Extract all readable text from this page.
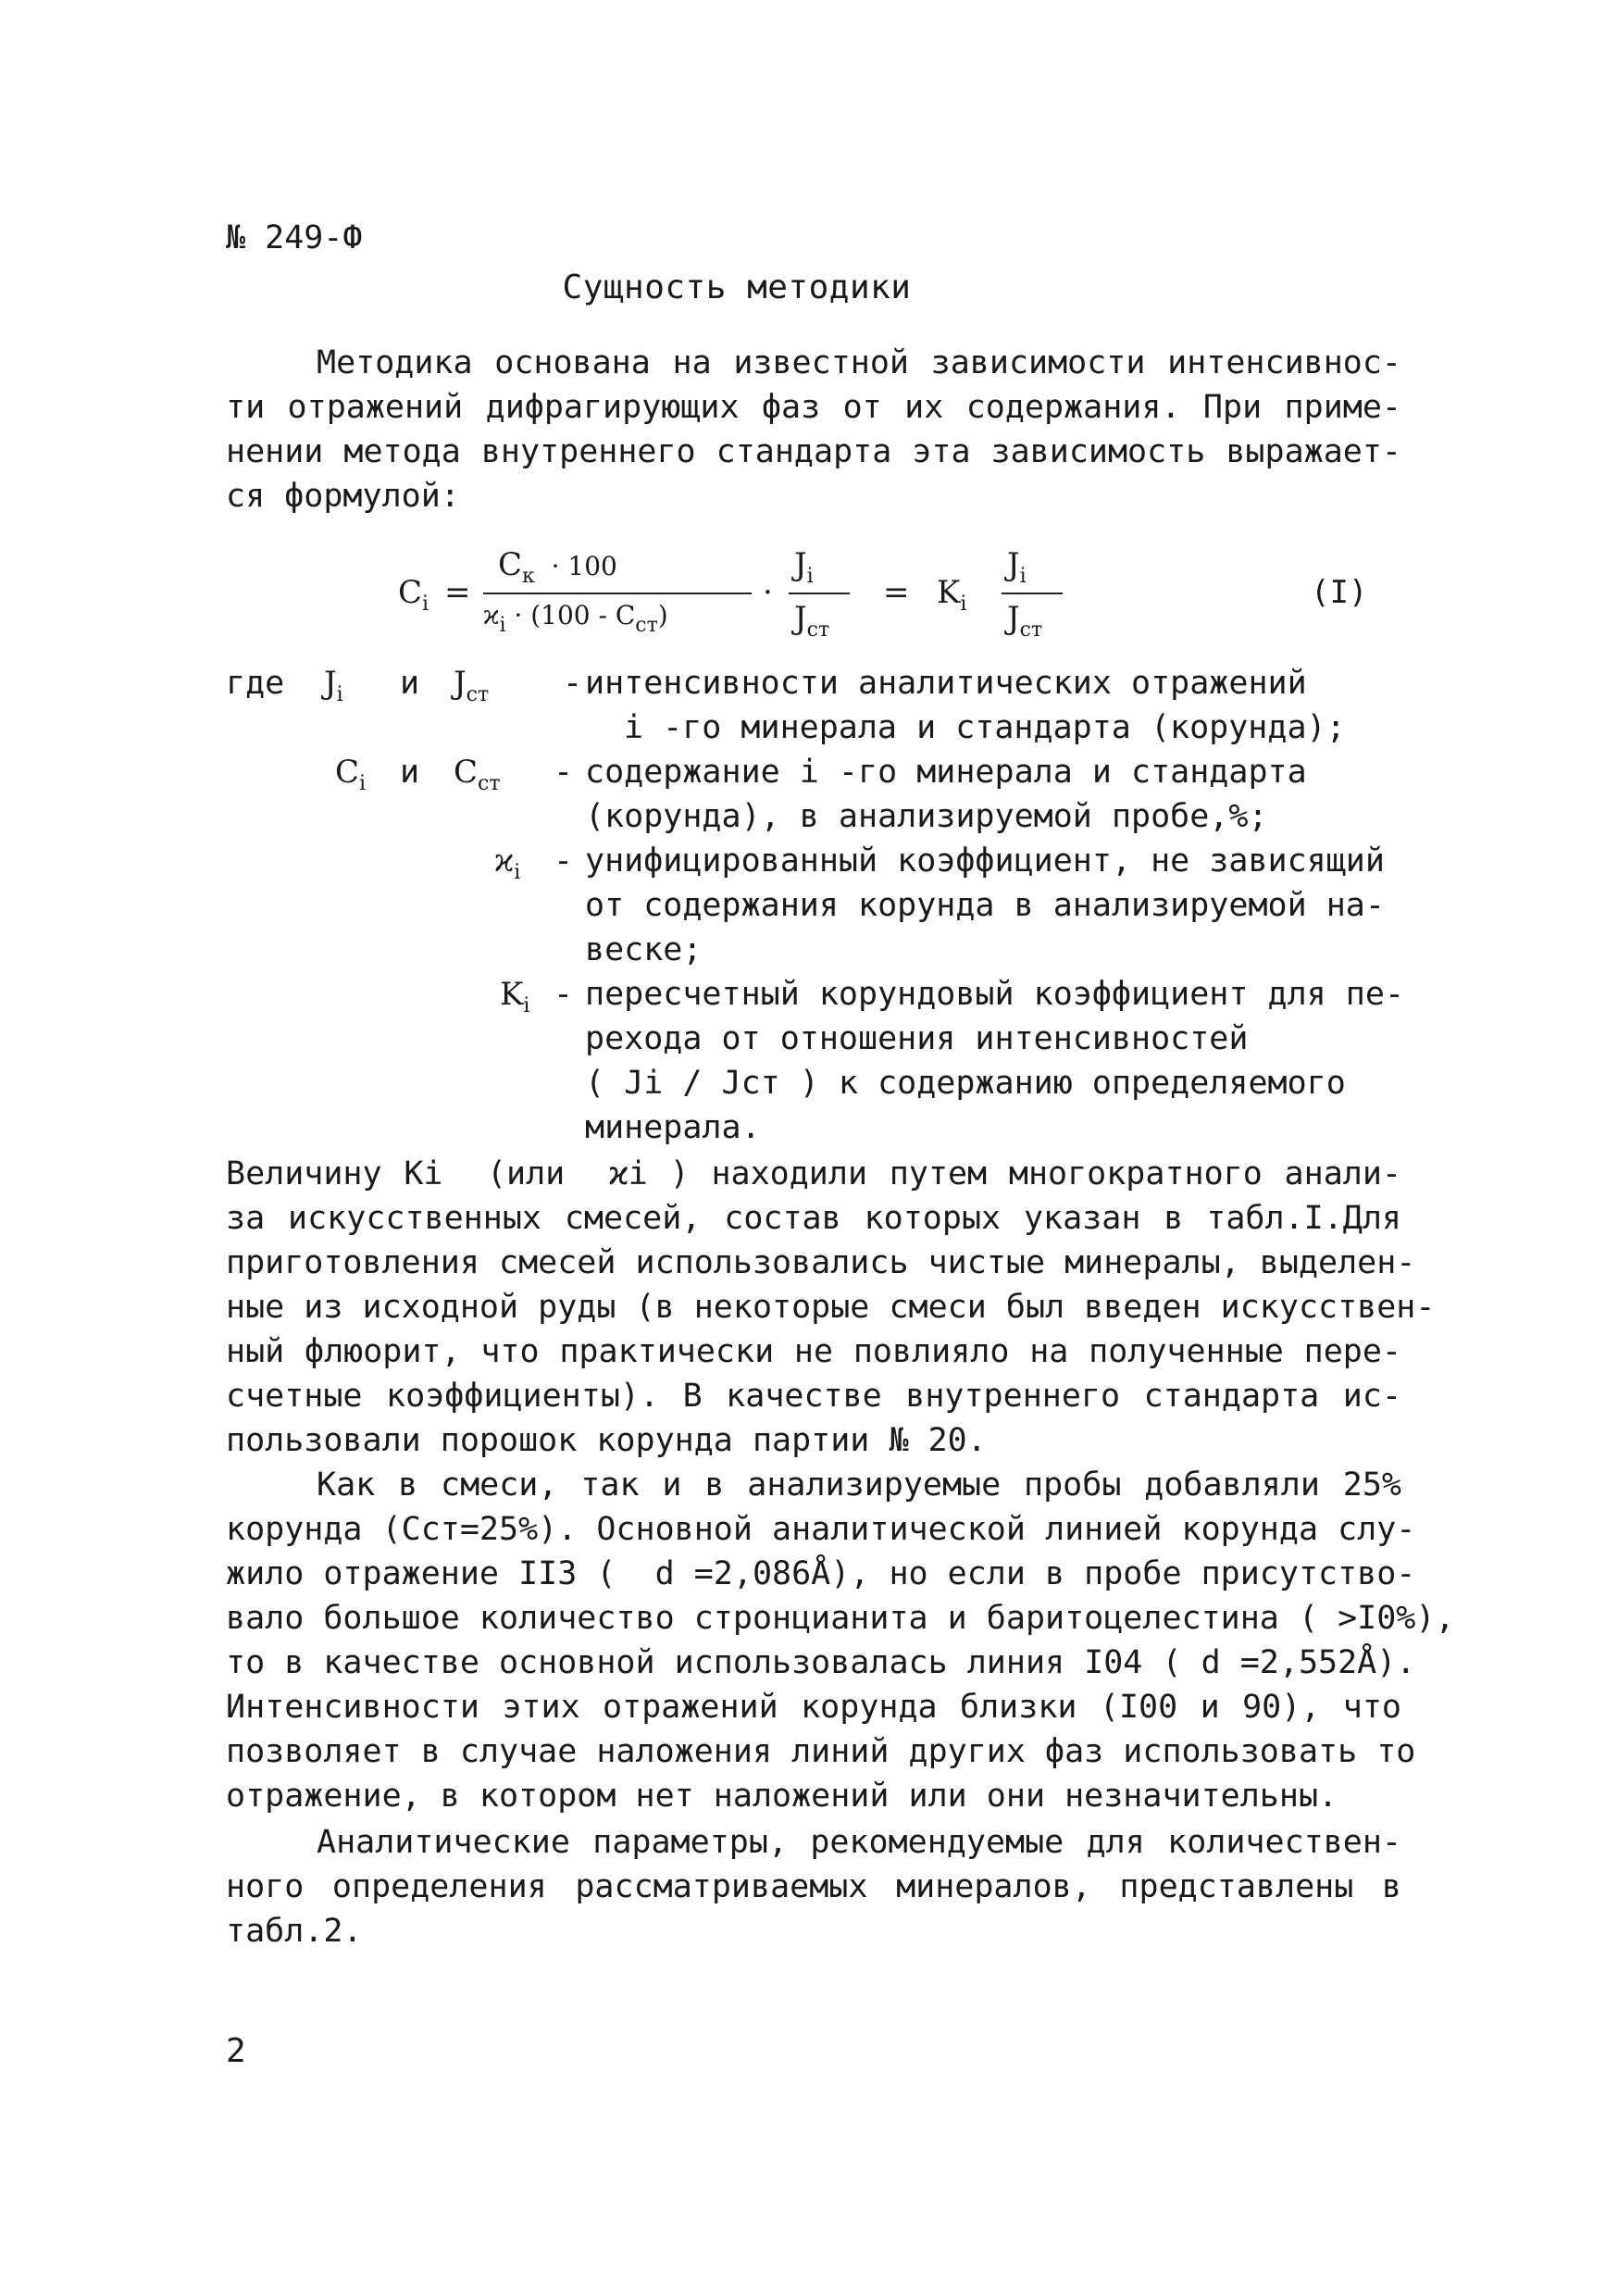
№ 249-Ф
Сущность методики
Методика основана на известной зависимости интенсивнос-
ти отражений дифрагирующих фаз от их содержания. При приме-
нении метода внутреннего стандарта эта зависимость выражает-
ся формулой:
$C_i$ =
$C_к \cdot 100$
$ϰ_i \cdot (100 - C_{ст})$
·
$J_i$
$J_{ст}$
= $K_i$
$J_i$
$J_{ст}$
(I)
где $J_i$ и $J_{ст}$ - интенсивности аналитических отражений
i -го минерала и стандарта (корунда);
$C_i$ и $C_{ст}$ - содержание i -го минерала и стандарта
(корунда), в анализируемой пробе,%;
$ϰ_i$ - унифицированный коэффициент, не зависящий
от содержания корунда в анализируемой на-
веске;
$K_i$ - пересчетный корундовый коэффициент для пе-
рехода от отношения интенсивностей
( Ji / Jст ) к содержанию определяемого
минерала.
Величину Ki  (или  ϰi ) находили путем многократного анали-
за искусственных смесей, состав которых указан в табл.I.Для
приготовления смесей использовались чистые минералы, выделен-
ные из исходной руды (в некоторые смеси был введен искусствен-
ный флюорит, что практически не повлияло на полученные пере-
счетные коэффициенты). В качестве внутреннего стандарта ис-
пользовали порошок корунда партии № 20.
Как в смеси, так и в анализируемые пробы добавляли 25%
корунда (Cст=25%). Основной аналитической линией корунда слу-
жило отражение II3 (  d =2,086Å), но если в пробе присутство-
вало большое количество стронцианита и баритоцелестина ( >I0%),
то в качестве основной использовалась линия I04 ( d =2,552Å).
Интенсивности этих отражений корунда близки (I00 и 90), что
позволяет в случае наложения линий других фаз использовать то
отражение, в котором нет наложений или они незначительны.
Аналитические параметры, рекомендуемые для количествен-
ного определения рассматриваемых минералов, представлены в
табл.2.
2
